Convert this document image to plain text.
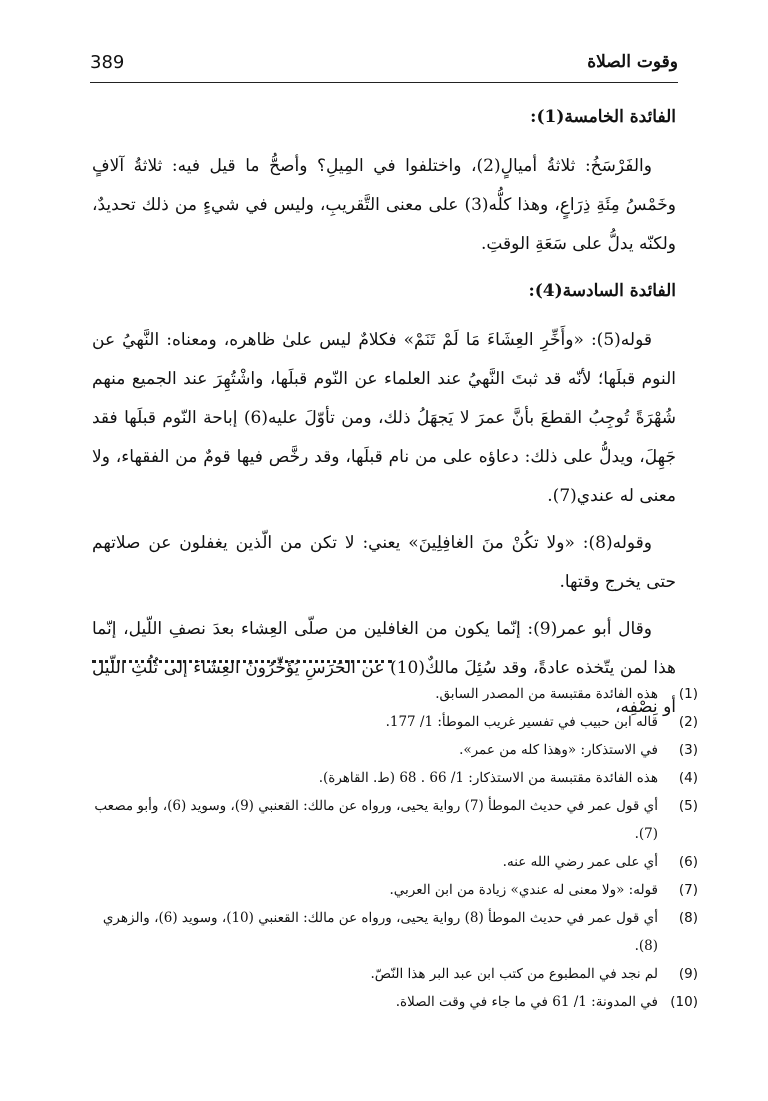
389	وقوت الصلاة

الفائدة الخامسة(1):

والفَرْسَخُ: ثلاثةُ أميالٍ(2)، واختلفوا في المِيلِ؟ وأصحُّ ما قيل فيه: ثلاثةُ آلافٍ وخَمْسُ مِئَةِ ذِرَاعٍ، وهذا كلُّه(3) على معنى التَّقريبِ، وليس في شيءٍ من ذلك تحديدٌ، ولكنّه يدلُّ على سَعَةِ الوقتِ.

الفائدة السادسة(4):

قوله(5): «وأَخِّرِ العِشَاءَ مَا لَمْ تَنَمْ» فكلامٌ ليس علىٰ ظاهره، ومعناه: النَّهيُ عن النوم قبلَها؛ لأنّه قد ثبتَ النَّهيُ عند العلماء عن النّوم قبلَها، واشْتُهِرَ عند الجميع منهم شُهْرَةً تُوجِبُ القطعَ بأنَّ عمرَ لا يَجهَلُ ذلك، ومن تأوّلَ عليه(6) إباحة النّوم قبلَها فقد جَهِلَ، ويدلُّ على ذلك: دعاؤه على من نام قبلَها، وقد رخَّص فيها قومٌ من الفقهاء، ولا معنى له عندي(7).

وقوله(8): «ولا تكُنْ منَ الغافِلِينَ» يعني: لا تكن من الّذين يغفلون عن صلاتهم حتى يخرج وقتها.

وقال أبو عمر(9): إنّما يكون من الغافلين من صلّى العِشاء بعدَ نصفِ اللّيل، إنّما هذا لمن يتّخذه عادةً، وقد سُئِلَ مالكٌ(10) عن الحَرَسِ يُؤَخِّرُونَ العِشَاءَ إلى ثُلُثِ اللّيل أو نِصْفِه،

(1)
هذه الفائدة مقتبسة من المصدر السابق.
(2)
قاله ابن حبيب في تفسير غريب الموطأ: 1/ 177.
(3)
في الاستذكار: «وهذا كله من عمر».
(4)
هذه الفائدة مقتبسة من الاستذكار: 1/ 66 . 68 (ط. القاهرة).
(5)
أي قول عمر في حديث الموطأ (7) رواية يحيى، ورواه عن مالك: القعنبي (9)، وسويد (6)، وأبو مصعب (7).
(6)
أي على عمر رضي الله عنه.
(7)
قوله: «ولا معنى له عندي» زيادة من ابن العربي.
(8)
أي قول عمر في حديث الموطأ (8) رواية يحيى، ورواه عن مالك: القعنبي (10)، وسويد (6)، والزهري (8).
(9)
لم نجد في المطبوع من كتب ابن عبد البر هذا النّصّ.
(10)
في المدونة: 1/ 61 في ما جاء في وقت الصلاة.
